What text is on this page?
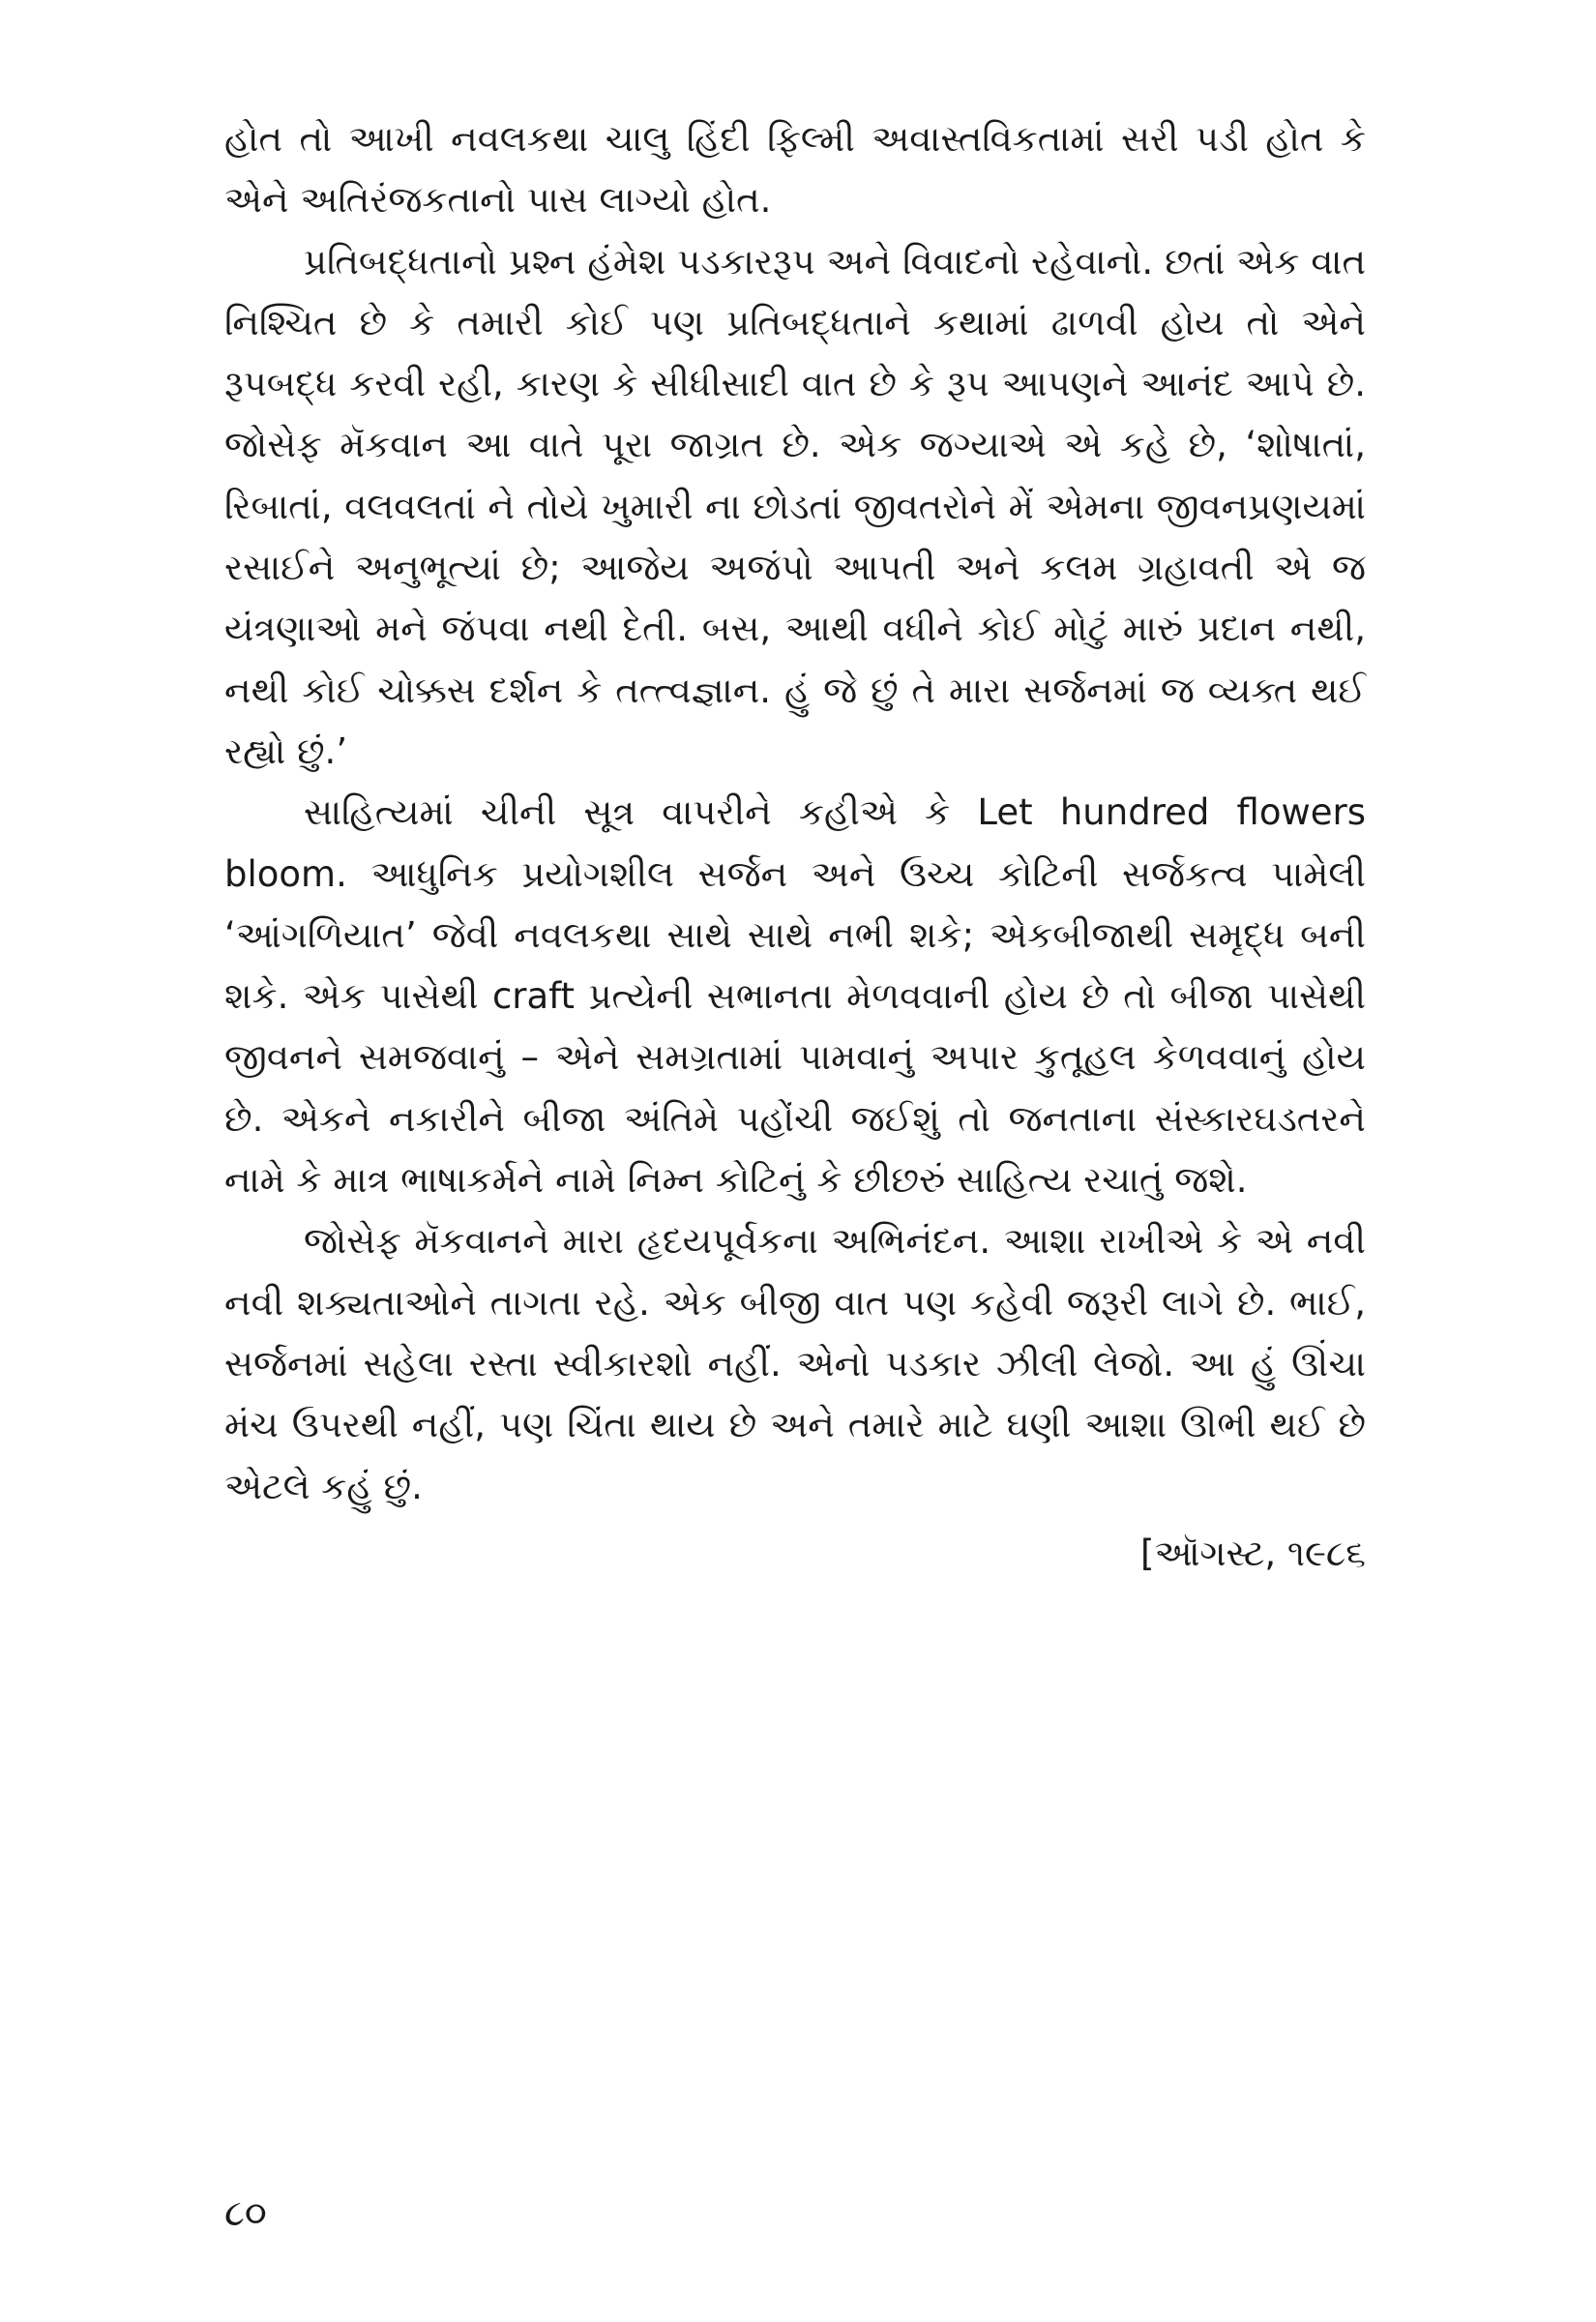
હોત તો આખી નવલકથા ચાલુ હિંદી ફિલ્મી અવાસ્તવિકતામાં સરી પડી હોત કે એને અતિરંજકતાનો પાસ લાગ્યો હોત.

પ્રતિબદ્ધતાનો પ્રશ્ન હંમેશ પડકારરૂપ અને વિવાદનો રહેવાનો. છતાં એક વાત નિશ્ચિત છે કે તમારી કોઈ પણ પ્રતિબદ્ધતાને કથામાં ઢાળવી હોય તો એને રૂપબદ્ધ કરવી રહી, કારણ કે સીધીસાદી વાત છે કે રૂપ આપણને આનંદ આપે છે. જોસેફ મૅકવાન આ વાતે પૂરા જાગ્રત છે. એક જગ્યાએ એ કહે છે, ‘શોષાતાં, રિબાતાં, વલવલતાં ને તોયે ખુમારી ના છોડતાં જીવતરોને મેં એમના જીવનપ્રણયમાં રસાઈને અનુભૂત્યાં છે; આજેય અજંપો આપતી અને કલમ ગ્રહાવતી એ જ યંત્રણાઓ મને જંપવા નથી દેતી. બસ, આથી વધીને કોઈ મોટું મારું પ્રદાન નથી, નથી કોઈ ચોક્કસ દર્શન કે તત્ત્વજ્ઞાન. હું જે છું તે મારા સર્જનમાં જ વ્યક્ત થઈ રહ્યો છું.’

સાહિત્યમાં ચીની સૂત્ર વાપરીને કહીએ કે Let hundred flowers bloom. આધુનિક પ્રયોગશીલ સર્જન અને ઉચ્ચ કોટિની સર્જકત્વ પામેલી ‘આંગળિયાત’ જેવી નવલકથા સાથે સાથે નભી શકે; એકબીજાથી સમૃદ્ધ બની શકે. એક પાસેથી craft પ્રત્યેની સભાનતા મેળવવાની હોય છે તો બીજા પાસેથી જીવનને સમજવાનું – એને સમગ્રતામાં પામવાનું અપાર કુતૂહલ કેળવવાનું હોય છે. એકને નકારીને બીજા અંતિમે પહોંચી જઈશું તો જનતાના સંસ્કારઘડતરને નામે કે માત્ર ભાષાકર્મને નામે નિમ્ન કોટિનું કે છીછરું સાહિત્ય રચાતું જશે.

જોસેફ મૅકવાનને મારા હૃદયપૂર્વકના અભિનંદન. આશા રાખીએ કે એ નવી નવી શક્યતાઓને તાગતા રહે. એક બીજી વાત પણ કહેવી જરૂરી લાગે છે. ભાઈ, સર્જનમાં સહેલા રસ્તા સ્વીકારશો નહીં. એનો પડકાર ઝીલી લેજો. આ હું ઊંચા મંચ ઉપરથી નહીં, પણ ચિંતા થાય છે અને તમારે માટે ઘણી આશા ઊભી થઈ છે એટલે કહું છું.

[ઑગસ્ટ, ૧૯૮૬

૮૦
